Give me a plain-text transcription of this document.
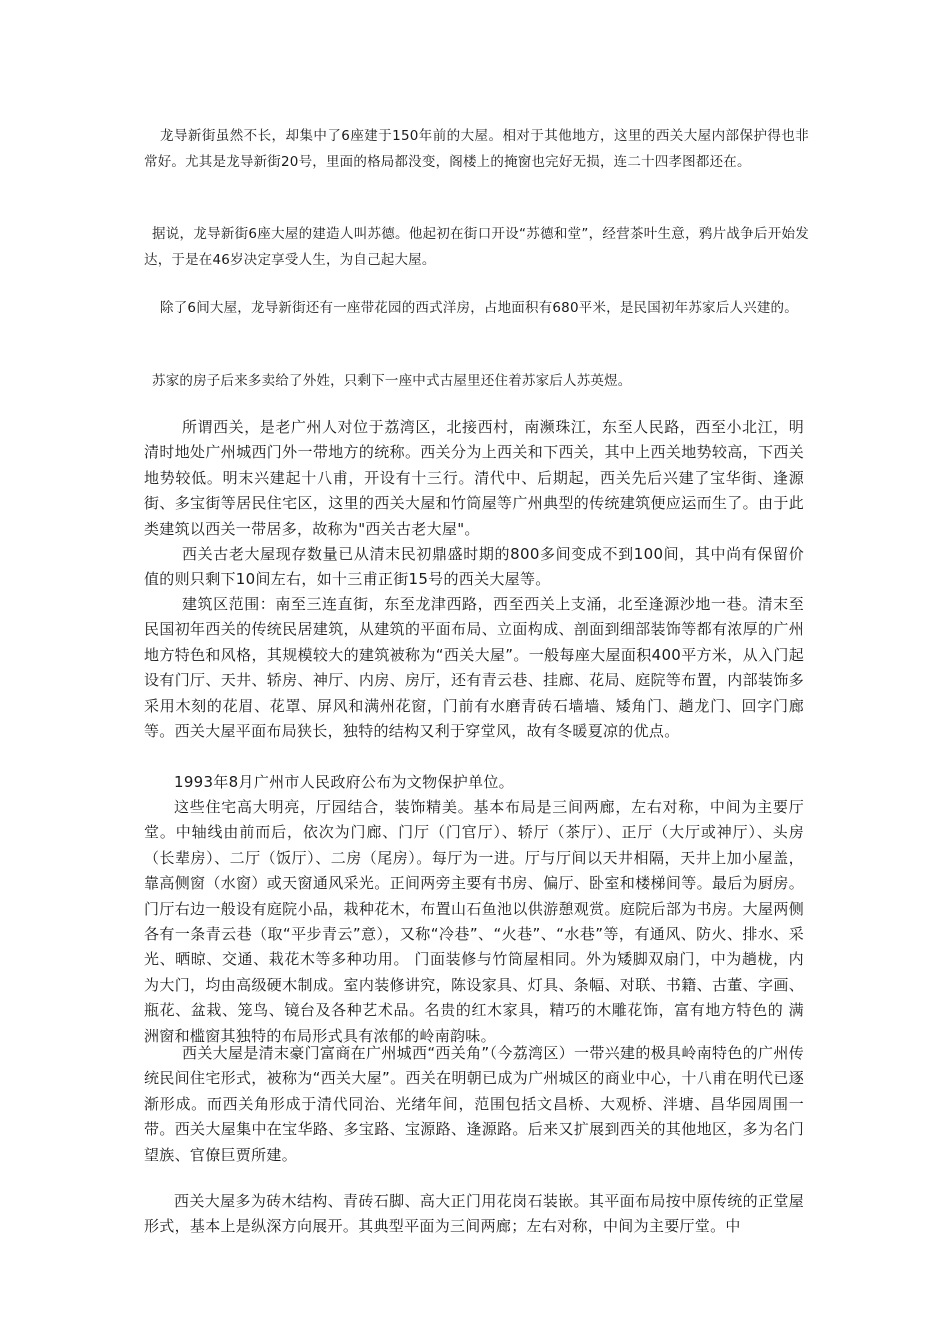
龙导新街虽然不长，却集中了6座建于150年前的大屋。相对于其他地方，这里的西关大屋内部保护得也非常好。尤其是龙导新街20号，里面的格局都没变，阁楼上的掩窗也完好无损，连二十四孝图都还在。

据说，龙导新街6座大屋的建造人叫苏德。他起初在街口开设“苏德和堂”，经营茶叶生意，鸦片战争后开始发达，于是在46岁决定享受人生，为自己起大屋。

除了6间大屋，龙导新街还有一座带花园的西式洋房，占地面积有680平米，是民国初年苏家后人兴建的。

苏家的房子后来多卖给了外姓，只剩下一座中式古屋里还住着苏家后人苏英煜。

所谓西关，是老广州人对位于荔湾区，北接西村，南濒珠江，东至人民路，西至小北江，明清时地处广州城西门外一带地方的统称。西关分为上西关和下西关，其中上西关地势较高，下西关地势较低。明末兴建起十八甫，开设有十三行。清代中、后期起，西关先后兴建了宝华街、逢源街、多宝街等居民住宅区，这里的西关大屋和竹筒屋等广州典型的传统建筑便应运而生了。由于此类建筑以西关一带居多，故称为"西关古老大屋"。

西关古老大屋现存数量已从清末民初鼎盛时期的800多间变成不到100间，其中尚有保留价值的则只剩下10间左右，如十三甫正街15号的西关大屋等。

建筑区范围：南至三连直街，东至龙津西路，西至西关上支涌，北至逢源沙地一巷。清末至民国初年西关的传统民居建筑，从建筑的平面布局、立面构成、剖面到细部装饰等都有浓厚的广州地方特色和风格，其规模较大的建筑被称为“西关大屋”。一般每座大屋面积400平方米，从入门起设有门厅、天井、轿房、神厅、内房、房厅，还有青云巷、挂廊、花局、庭院等布置，内部装饰多采用木刻的花眉、花罩、屏风和满州花窗，门前有水磨青砖石墙墙、矮角门、趟龙门、回字门廊等。西关大屋平面布局狭长，独特的结构又利于穿堂风，故有冬暖夏凉的优点。

1993年8月广州市人民政府公布为文物保护单位。

这些住宅高大明亮，厅园结合，装饰精美。基本布局是三间两廊，左右对称，中间为主要厅堂。中轴线由前而后，依次为门廊、门厅（门官厅）、轿厅（茶厅）、正厅（大厅或神厅）、头房（长辈房）、二厅（饭厅）、二房（尾房）。每厅为一进。厅与厅间以天井相隔，天井上加小屋盖，靠高侧窗（水窗）或天窗通风采光。正间两旁主要有书房、偏厅、卧室和楼梯间等。最后为厨房。门厅右边一般设有庭院小品，栽种花木，布置山石鱼池以供游憩观赏。庭院后部为书房。大屋两侧各有一条青云巷（取“平步青云”意），又称“冷巷”、“火巷”、“水巷”等，有通风、防火、排水、采光、晒晾、交通、栽花木等多种功用。 门面装修与竹筒屋相同。外为矮脚双扇门，中为趟栊，内为大门，均由高级硬木制成。室内装修讲究，陈设家具、灯具、条幅、对联、书籍、古董、字画、瓶花、盆栽、笼鸟、镜台及各种艺术品。名贵的红木家具，精巧的木雕花饰，富有地方特色的 满洲窗和槛窗其独特的布局形式具有浓郁的岭南韵味。

西关大屋是清末豪门富商在广州城西“西关角”（今荔湾区）一带兴建的极具岭南特色的广州传统民间住宅形式，被称为“西关大屋”。西关在明朝已成为广州城区的商业中心，十八甫在明代已逐渐形成。而西关角形成于清代同治、光绪年间，范围包括文昌桥、大观桥、泮塘、昌华园周围一带。西关大屋集中在宝华路、多宝路、宝源路、逢源路。后来又扩展到西关的其他地区，多为名门望族、官僚巨贾所建。

西关大屋多为砖木结构、青砖石脚、高大正门用花岗石装嵌。其平面布局按中原传统的正堂屋形式，基本上是纵深方向展开。其典型平面为三间两廊；左右对称，中间为主要厅堂。中
